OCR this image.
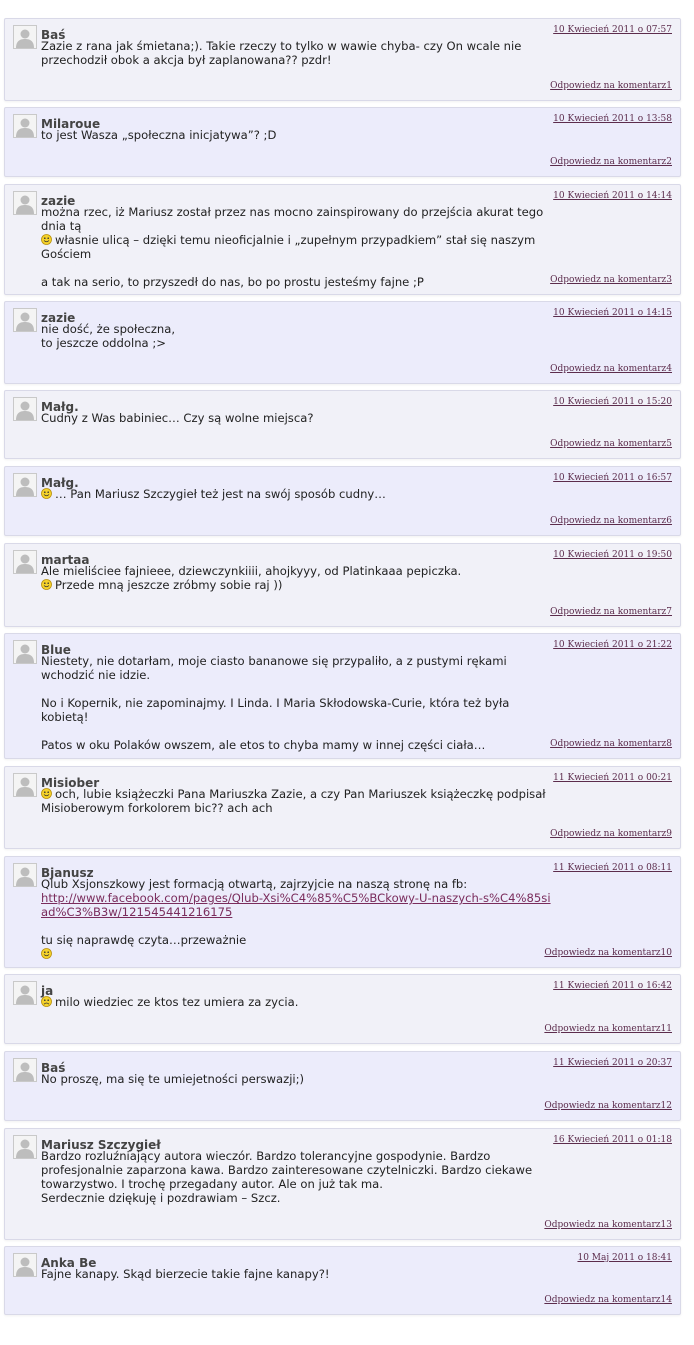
Baś	10 Kwiecień 2011 o 07:57

Zazie z rana jak śmietana;). Takie rzeczy to tylko w wawie chyba- czy On wcale nie przechodził obok a akcja był zaplanowana?? pzdr!

Odpowiedz na komentarz1
Milaroue	10 Kwiecień 2011 o 13:58

to jest Wasza „społeczna inicjatywa”? ;D

Odpowiedz na komentarz2
zazie	10 Kwiecień 2011 o 14:14

można rzec, iż Mariusz został przez nas mocno zainspirowany do przejścia akurat tego dnia tą

własnie ulicą – dzięki temu nieoficjalnie i „zupełnym przypadkiem” stał się naszym Gościem

a tak na serio, to przyszedł do nas, bo po prostu jesteśmy fajne ;P	Odpowiedz na komentarz3
zazie	10 Kwiecień 2011 o 14:15

nie dość, że społeczna,

to jeszcze oddolna ;>

Odpowiedz na komentarz4
Małg.	10 Kwiecień 2011 o 15:20

Cudny z Was babiniec… Czy są wolne miejsca?

Odpowiedz na komentarz5
Małg.	10 Kwiecień 2011 o 16:57

… Pan Mariusz Szczygieł też jest na swój sposób cudny…

Odpowiedz na komentarz6
martaa	10 Kwiecień 2011 o 19:50

Ale mieliściee fajnieee, dziewczynkiiii, ahojkyyy, od Platinkaaa pepiczka.

Przede mną jeszcze zróbmy sobie raj ))

Odpowiedz na komentarz7
Blue	10 Kwiecień 2011 o 21:22

Niestety, nie dotarłam, moje ciasto bananowe się przypaliło, a z pustymi rękami wchodzić nie idzie.

No i Kopernik, nie zapominajmy. I Linda. I Maria Skłodowska-Curie, która też była kobietą!

Patos w oku Polaków owszem, ale etos to chyba mamy w innej części ciała…	Odpowiedz na komentarz8
Misiober	11 Kwiecień 2011 o 00:21

och, lubie książeczki Pana Mariuszka Zazie, a czy Pan Mariuszek książeczkę podpisał Misioberowym forkolorem bic?? ach ach

Odpowiedz na komentarz9
Bjanusz	11 Kwiecień 2011 o 08:11

Qlub Xsjonszkowy jest formacją otwartą, zajrzyjcie na naszą stronę na fb:

http://www.facebook.com/pages/Qlub-Xsi%C4%85%C5%BCkowy-U-naszych-s%C4%85siad%C3%B3w/121545441216175

tu się naprawdę czyta…przeważnie

Odpowiedz na komentarz10
ja	11 Kwiecień 2011 o 16:42

milo wiedziec ze ktos tez umiera za zycia.

Odpowiedz na komentarz11
Baś	11 Kwiecień 2011 o 20:37

No proszę, ma się te umiejetności perswazji;)

Odpowiedz na komentarz12
Mariusz Szczygieł	16 Kwiecień 2011 o 01:18

Bardzo rozluźniający autora wieczór. Bardzo tolerancyjne gospodynie. Bardzo profesjonalnie zaparzona kawa. Bardzo zainteresowane czytelniczki. Bardzo ciekawe towarzystwo. I trochę przegadany autor. Ale on już tak ma.

Serdecznie dziękuję i pozdrawiam – Szcz.

Odpowiedz na komentarz13
Anka Be	10 Maj 2011 o 18:41

Fajne kanapy. Skąd bierzecie takie fajne kanapy?!

Odpowiedz na komentarz14
